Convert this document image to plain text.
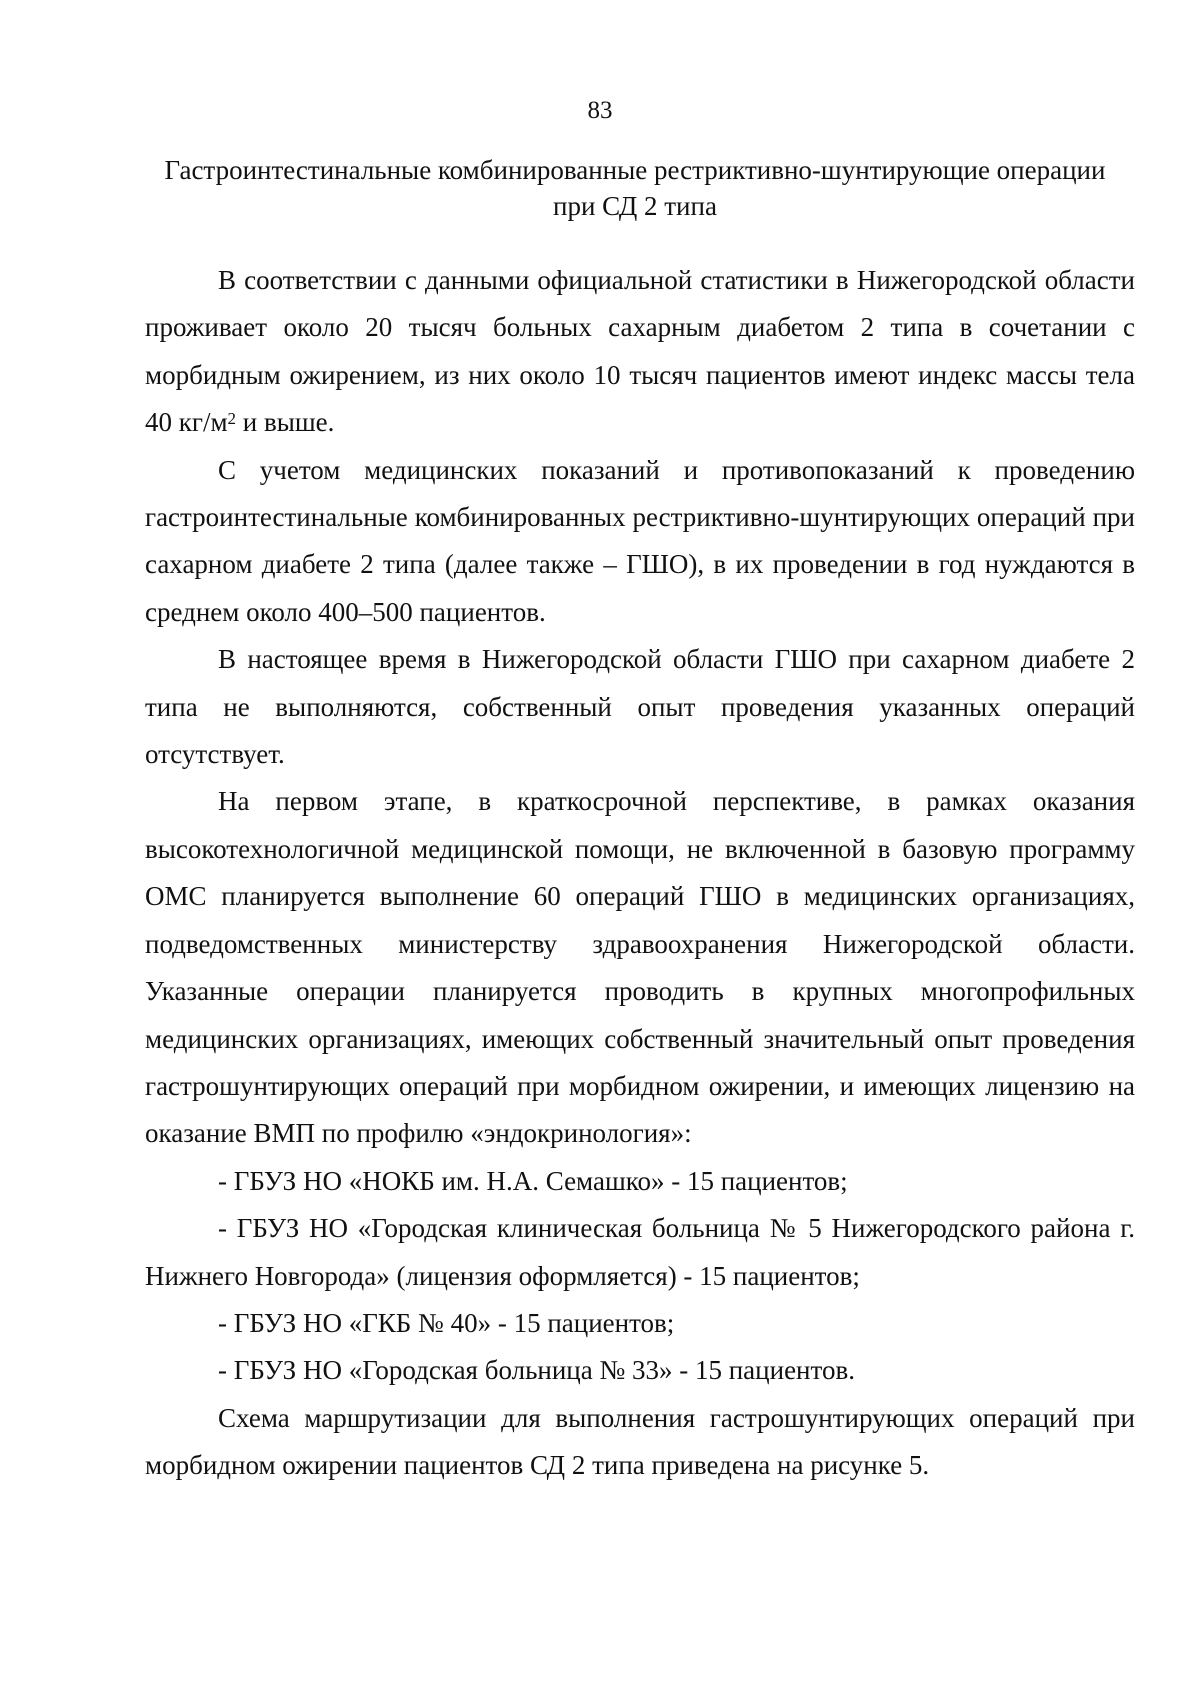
83
Гастроинтестинальные комбинированные рестриктивно-шунтирующие операции
при СД 2 типа

В соответствии с данными официальной статистики в Нижегородской области проживает около 20 тысяч больных сахарным диабетом 2 типа в сочетании с морбидным ожирением, из них около 10 тысяч пациентов имеют индекс массы тела 40 $кг/м^2$ и выше.

С учетом медицинских показаний и противопоказаний к проведению гастроинтестинальные комбинированных рестриктивно-шунтирующих операций при сахарном диабете 2 типа (далее также – ГШО), в их проведении в год нуждаются в среднем около 400–500 пациентов.

В настоящее время в Нижегородской области ГШО при сахарном диабете 2 типа не выполняются, собственный опыт проведения указанных операций отсутствует.

На первом этапе, в краткосрочной перспективе, в рамках оказания высокотехнологичной медицинской помощи, не включенной в базовую программу ОМС планируется выполнение 60 операций ГШО в медицинских организациях, подведомственных министерству здравоохранения Нижегородской области. Указанные операции планируется проводить в крупных многопрофильных медицинских организациях, имеющих собственный значительный опыт проведения гастрошунтирующих операций при морбидном ожирении, и имеющих лицензию на оказание ВМП по профилю «эндокринология»:

- ГБУЗ НО «НОКБ им. Н.А. Семашко» - 15 пациентов;

- ГБУЗ НО «Городская клиническая больница № 5 Нижегородского района г. Нижнего Новгорода» (лицензия оформляется) - 15 пациентов;

- ГБУЗ НО «ГКБ № 40» - 15 пациентов;

- ГБУЗ НО «Городская больница № 33» - 15 пациентов.

Схема маршрутизации для выполнения гастрошунтирующих операций при морбидном ожирении пациентов СД 2 типа приведена на рисунке 5.
